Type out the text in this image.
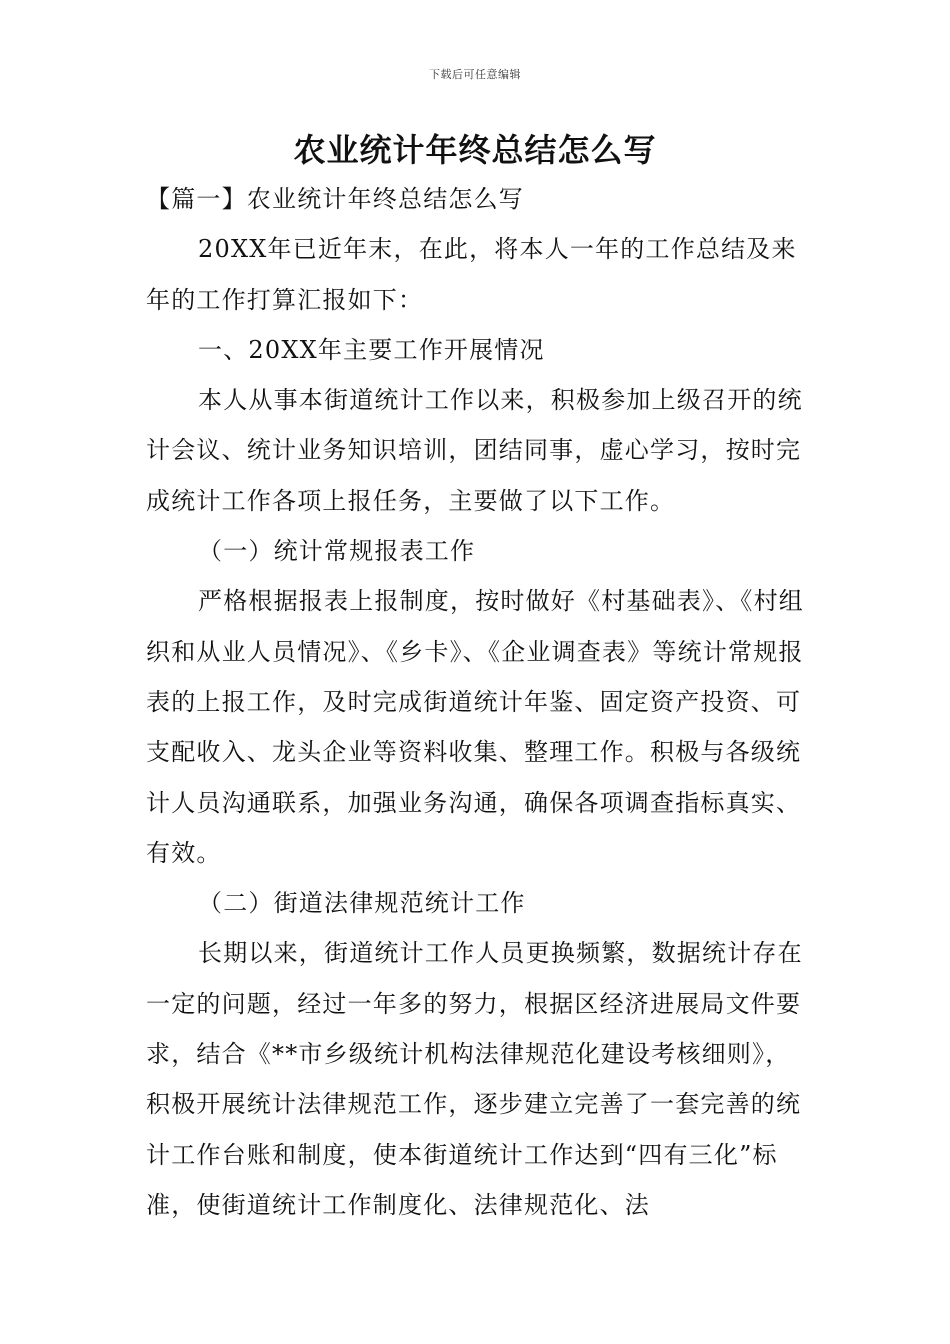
下载后可任意编辑
农业统计年终总结怎么写

【篇一】农业统计年终总结怎么写

20XX年已近年末，在此，将本人一年的工作总结及来年的工作打算汇报如下：

一、20XX年主要工作开展情况

本人从事本街道统计工作以来，积极参加上级召开的统计会议、统计业务知识培训，团结同事，虚心学习，按时完成统计工作各项上报任务，主要做了以下工作。

（一）统计常规报表工作

严格根据报表上报制度，按时做好《村基础表》、《村组织和从业人员情况》、《乡卡》、《企业调查表》等统计常规报表的上报工作，及时完成街道统计年鉴、固定资产投资、可支配收入、龙头企业等资料收集、整理工作。积极与各级统计人员沟通联系，加强业务沟通，确保各项调查指标真实、有效。

（二）街道法律规范统计工作

长期以来，街道统计工作人员更换频繁，数据统计存在一定的问题，经过一年多的努力，根据区经济进展局文件要求，结合《**市乡级统计机构法律规范化建设考核细则》，积极开展统计法律规范工作，逐步建立完善了一套完善的统计工作台账和制度，使本街道统计工作达到“四有三化”标准，使街道统计工作制度化、法律规范化、法
